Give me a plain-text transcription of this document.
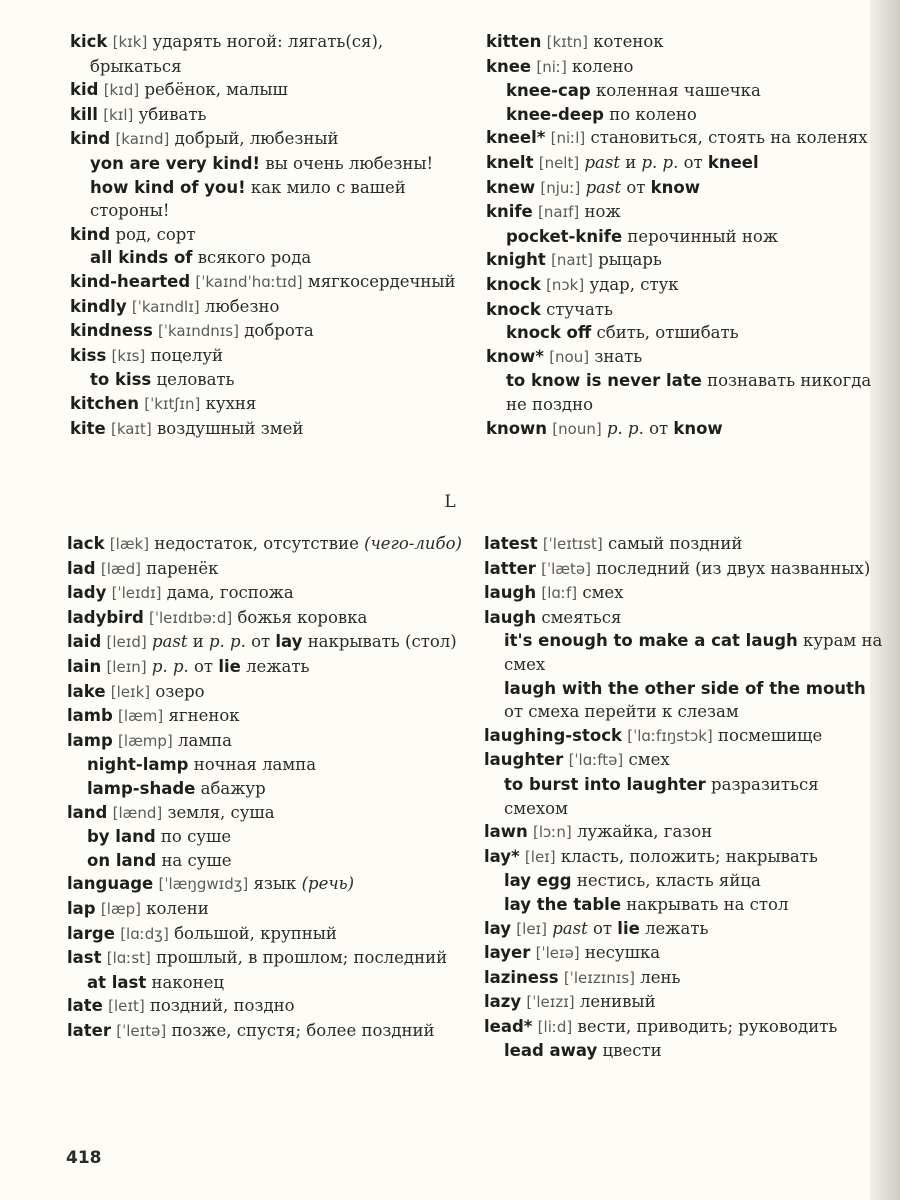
kick [kɪk] ударять ногой: лягать(ся), брыкаться

kid [kɪd] ребёнок, малыш

kill [kɪl] убивать

kind [kaɪnd] добрый, любезный

yon are very kind! вы очень любезны!

how kind of you! как мило с вашей стороны!

kind род, сорт

all kinds of всякого рода

kind-hearted [ˈkaɪndˈhɑːtɪd] мягкосердечный

kindly [ˈkaɪndlɪ] любезно

kindness [ˈkaɪndnɪs] доброта

kiss [kɪs] поцелуй

to kiss целовать

kitchen [ˈkɪtʃɪn] кухня

kite [kaɪt] воздушный змей

kitten [kɪtn] котенок

knee [niː] колено

knee-cap коленная чашечка

knee-deep по колено

kneel* [niːl] становиться, стоять на коленях

knelt [nelt] past и p. p. от kneel

knew [njuː] past от know

knife [naɪf] нож

pocket-knife перочинный нож

knight [naɪt] рыцарь

knock [nɔk] удар, стук

knock стучать

knock off сбить, отшибать

know* [nou] знать

to know is never late познавать никогда не поздно

known [noun] p. p. от know

L

lack [læk] недостаток, отсутствие (чего-либо)

lad [læd] паренёк

lady [ˈleɪdɪ] дама, госпожа

ladybird [ˈleɪdɪbəːd] божья коровка

laid [leɪd] past и p. p. от lay накрывать (стол)

lain [leɪn] p. p. от lie лежать

lake [leɪk] озеро

lamb [læm] ягненок

lamp [læmp] лампа

night-lamp ночная лампа

lamp-shade абажур

land [lænd] земля, суша

by land по суше

on land на суше

language [ˈlæŋgwɪdʒ] язык (речь)

lap [læp] колени

large [lɑːdʒ] большой, крупный

last [lɑːst] прошлый, в прошлом; последний

at last наконец

late [leɪt] поздний, поздно

later [ˈleɪtə] позже, спустя; более поздний

latest [ˈleɪtɪst] самый поздний

latter [ˈlætə] последний (из двух названных)

laugh [lɑːf] смех

laugh смеяться

it's enough to make a cat laugh курам на смех

laugh with the other side of the mouth от смеха перейти к слезам

laughing-stock [ˈlɑːfɪŋstɔk] посмешище

laughter [ˈlɑːftə] смех

to burst into laughter разразиться смехом

lawn [lɔːn] лужайка, газон

lay* [leɪ] класть, положить; накрывать

lay egg нестись, класть яйца

lay the table накрывать на стол

lay [leɪ] past от lie лежать

layer [ˈleɪə] несушка

laziness [ˈleɪzɪnɪs] лень

lazy [ˈleɪzɪ] ленивый

lead* [liːd] вести, приводить; руководить

lead away цвести

418
